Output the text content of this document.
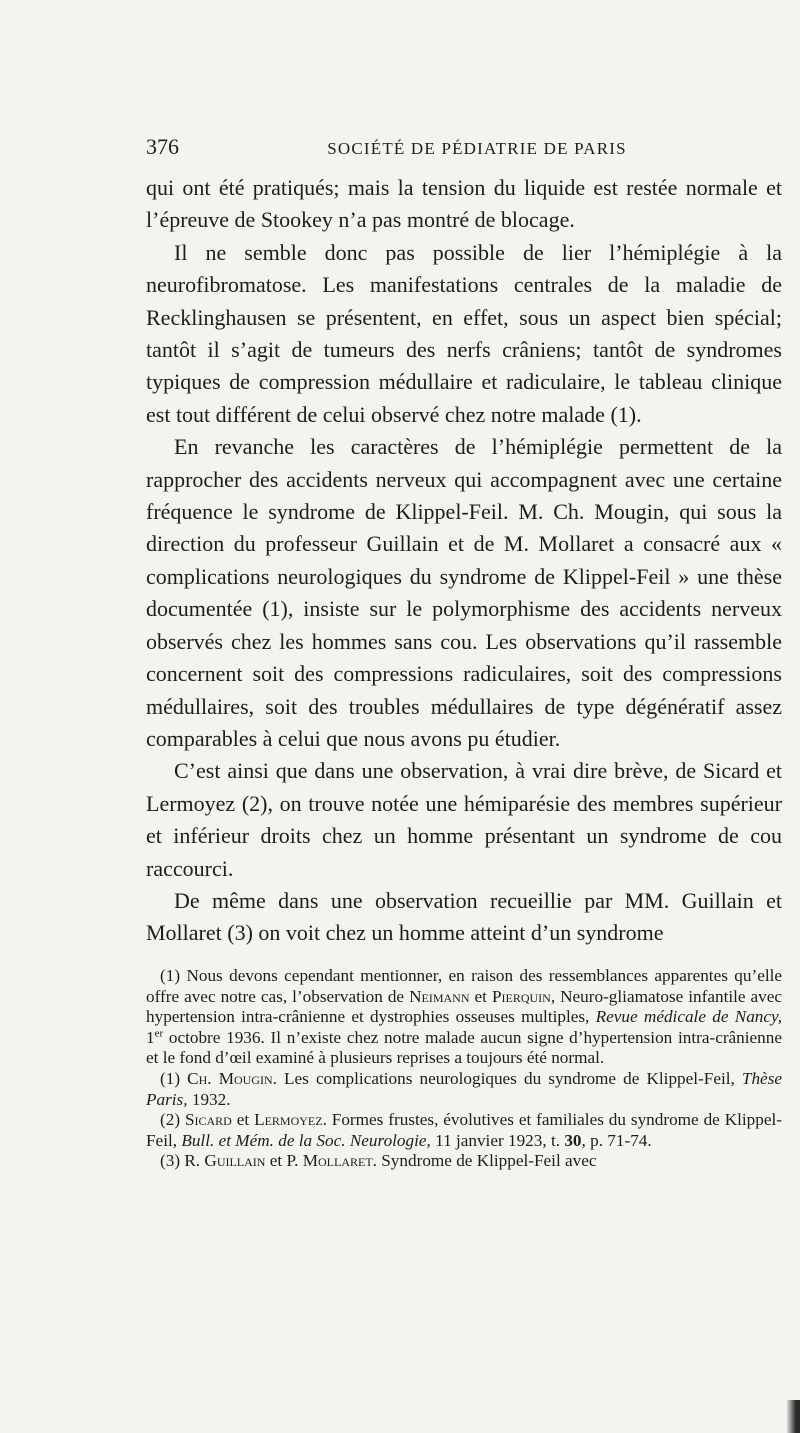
376	SOCIÉTÉ DE PÉDIATRIE DE PARIS

qui ont été pratiqués; mais la tension du liquide est restée normale et l’épreuve de Stookey n’a pas montré de blocage.

Il ne semble donc pas possible de lier l’hémiplégie à la neurofibromatose. Les manifestations centrales de la maladie de Recklinghausen se présentent, en effet, sous un aspect bien spécial; tantôt il s’agit de tumeurs des nerfs crâniens; tantôt de syndromes typiques de compression médullaire et radiculaire, le tableau clinique est tout différent de celui observé chez notre malade (1).

En revanche les caractères de l’hémiplégie permettent de la rapprocher des accidents nerveux qui accompagnent avec une certaine fréquence le syndrome de Klippel-Feil. M. Ch. Mougin, qui sous la direction du professeur Guillain et de M. Mollaret a consacré aux « complications neurologiques du syndrome de Klippel-Feil » une thèse documentée (1), insiste sur le polymorphisme des accidents nerveux observés chez les hommes sans cou. Les observations qu’il rassemble concernent soit des compressions radiculaires, soit des compressions médullaires, soit des troubles médullaires de type dégénératif assez comparables à celui que nous avons pu étudier.

C’est ainsi que dans une observation, à vrai dire brève, de Sicard et Lermoyez (2), on trouve notée une hémiparésie des membres supérieur et inférieur droits chez un homme présentant un syndrome de cou raccourci.

De même dans une observation recueillie par MM. Guillain et Mollaret (3) on voit chez un homme atteint d’un syndrome

(1) Nous devons cependant mentionner, en raison des ressemblances apparentes qu’elle offre avec notre cas, l’observation de Neimann et Pierquin, Neuro-gliamatose infantile avec hypertension intra-crânienne et dystrophies osseuses multiples, Revue médicale de Nancy, 1er octobre 1936. Il n’existe chez notre malade aucun signe d’hypertension intra-crânienne et le fond d’œil examiné à plusieurs reprises a toujours été normal.

(1) Ch. Mougin. Les complications neurologiques du syndrome de Klippel-Feil, Thèse Paris, 1932.

(2) Sicard et Lermoyez. Formes frustes, évolutives et familiales du syndrome de Klippel-Feil, Bull. et Mém. de la Soc. Neurologie, 11 janvier 1923, t. 30, p. 71-74.

(3) R. Guillain et P. Mollaret. Syndrome de Klippel-Feil avec
